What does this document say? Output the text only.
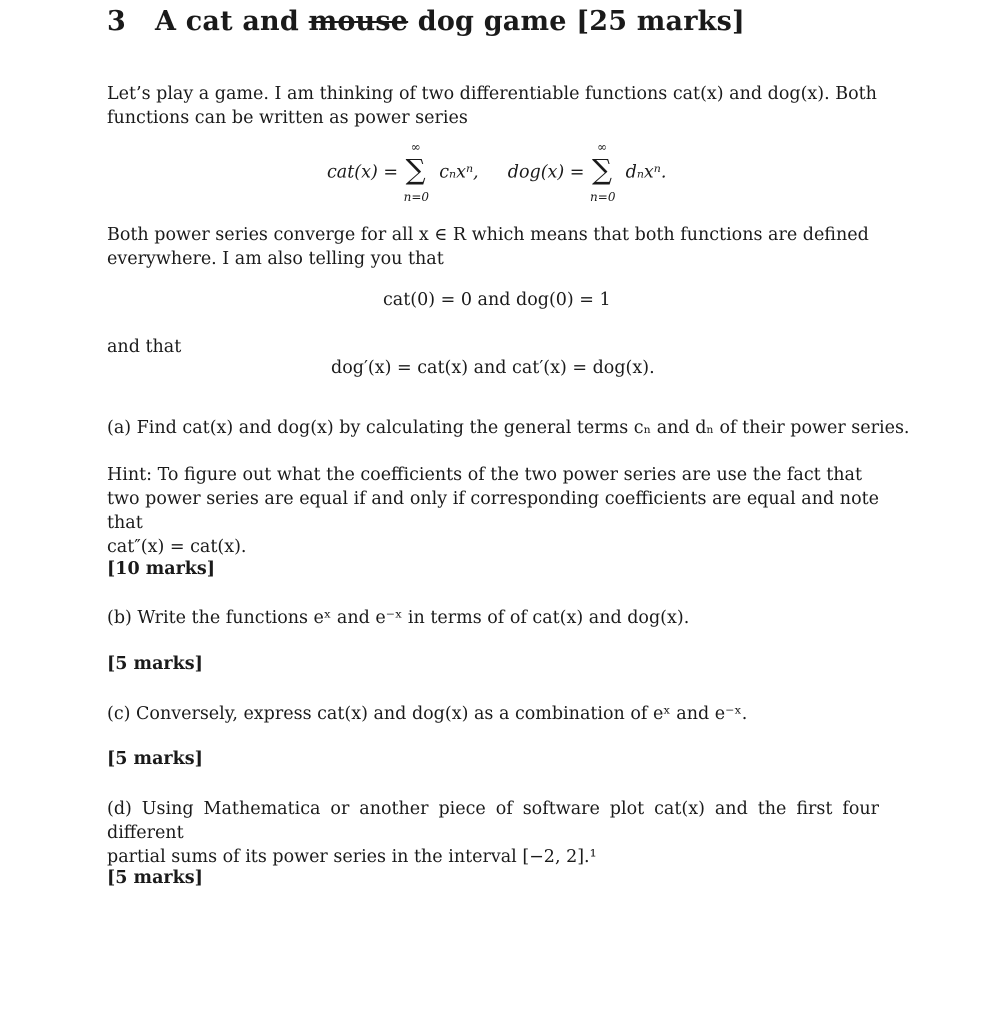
3 A cat and mouse dog game [25 marks]
Let’s play a game. I am thinking of two differentiable functions cat(x) and dog(x). Both
functions can be written as power series
cat(x) =
∞
∑
n=0
cₙxⁿ, dog(x) =
∞
∑
n=0
dₙxⁿ.
Both power series converge for all x ∈ R which means that both functions are defined
everywhere. I am also telling you that
cat(0) = 0 and dog(0) = 1
and that
dog′(x) = cat(x) and cat′(x) = dog(x).
(a) Find cat(x) and dog(x) by calculating the general terms cₙ and dₙ of their power series.
Hint: To figure out what the coefficients of the two power series are use the fact that
two power series are equal if and only if corresponding coefficients are equal and note that
cat″(x) = cat(x).
[10 marks]
(b) Write the functions eˣ and e⁻ˣ in terms of of cat(x) and dog(x).
[5 marks]
(c) Conversely, express cat(x) and dog(x) as a combination of eˣ and e⁻ˣ.
[5 marks]
(d) Using Mathematica or another piece of software plot cat(x) and the first four different
partial sums of its power series in the interval [−2, 2].¹
[5 marks]
